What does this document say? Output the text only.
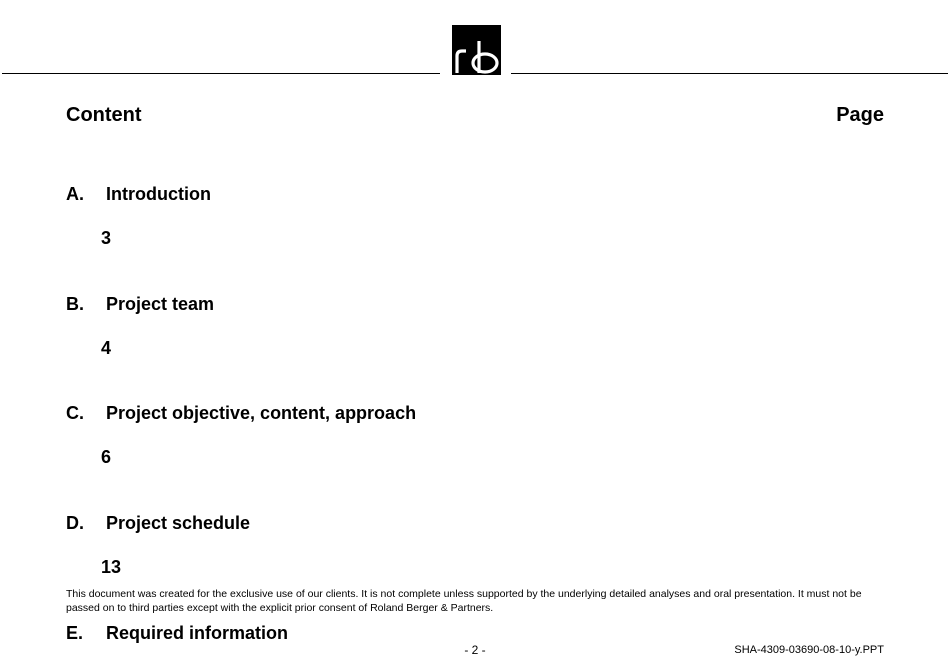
Content	Page
A.	Introduction
3
B.	Project team
4
C.	Project objective, content, approach
6
D.	Project schedule
13
This document was created for the exclusive use of our clients. It is not complete unless supported by the underlying detailed analyses and oral presentation. It must not be passed on to third parties except with the explicit prior consent of Roland Berger & Partners.
E.	Required information
- 2 -	SHA-4309-03690-08-10-y.PPT
